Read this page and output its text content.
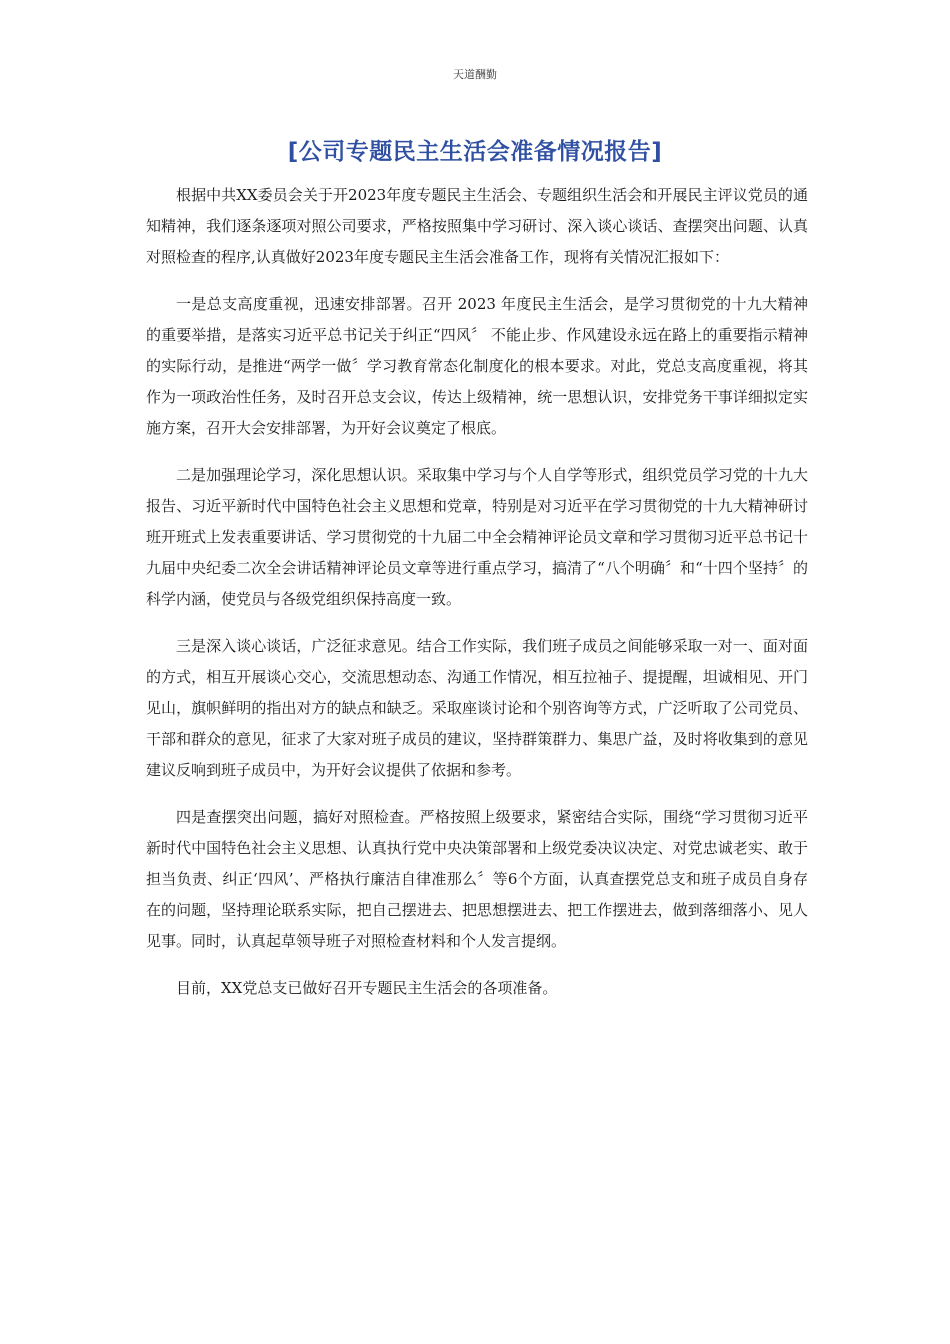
天道酬勤
[公司专题民主生活会准备情况报告]

根据中共XX委员会关于开2023年度专题民主生活会、专题组织生活会和开展民主评议党员的通知精神，我们逐条逐项对照公司要求，严格按照集中学习研讨、深入谈心谈话、查摆突出问题、认真对照检查的程序,认真做好2023年度专题民主生活会准备工作，现将有关情况汇报如下：

一是总支高度重视，迅速安排部署。召开 2023 年度民主生活会，是学习贯彻党的十九大精神的重要举措，是落实习近平总书记关于纠正“四风〞 不能止步、作风建设永远在路上的重要指示精神的实际行动，是推进“两学一做〞学习教育常态化制度化的根本要求。对此，党总支高度重视，将其作为一项政治性任务，及时召开总支会议，传达上级精神，统一思想认识，安排党务干事详细拟定实施方案，召开大会安排部署，为开好会议奠定了根底。

二是加强理论学习，深化思想认识。采取集中学习与个人自学等形式，组织党员学习党的十九大报告、习近平新时代中国特色社会主义思想和党章，特别是对习近平在学习贯彻党的十九大精神研讨班开班式上发表重要讲话、学习贯彻党的十九届二中全会精神评论员文章和学习贯彻习近平总书记十九届中央纪委二次全会讲话精神评论员文章等进行重点学习，搞清了“八个明确〞和“十四个坚持〞的科学内涵，使党员与各级党组织保持高度一致。

三是深入谈心谈话，广泛征求意见。结合工作实际，我们班子成员之间能够采取一对一、面对面的方式，相互开展谈心交心，交流思想动态、沟通工作情况，相互拉袖子、提提醒，坦诚相见、开门见山，旗帜鲜明的指出对方的缺点和缺乏。采取座谈讨论和个别咨询等方式，广泛听取了公司党员、干部和群众的意见，征求了大家对班子成员的建议，坚持群策群力、集思广益，及时将收集到的意见建议反响到班子成员中，为开好会议提供了依据和参考。

四是查摆突出问题，搞好对照检查。严格按照上级要求，紧密结合实际，围绕“学习贯彻习近平新时代中国特色社会主义思想、认真执行党中央决策部署和上级党委决议决定、对党忠诚老实、敢于担当负责、纠正‘四风’、严格执行廉洁自律准那么〞等6个方面，认真查摆党总支和班子成员自身存在的问题，坚持理论联系实际，把自己摆进去、把思想摆进去、把工作摆进去，做到落细落小、见人见事。同时，认真起草领导班子对照检查材料和个人发言提纲。

目前，XX党总支已做好召开专题民主生活会的各项准备。
